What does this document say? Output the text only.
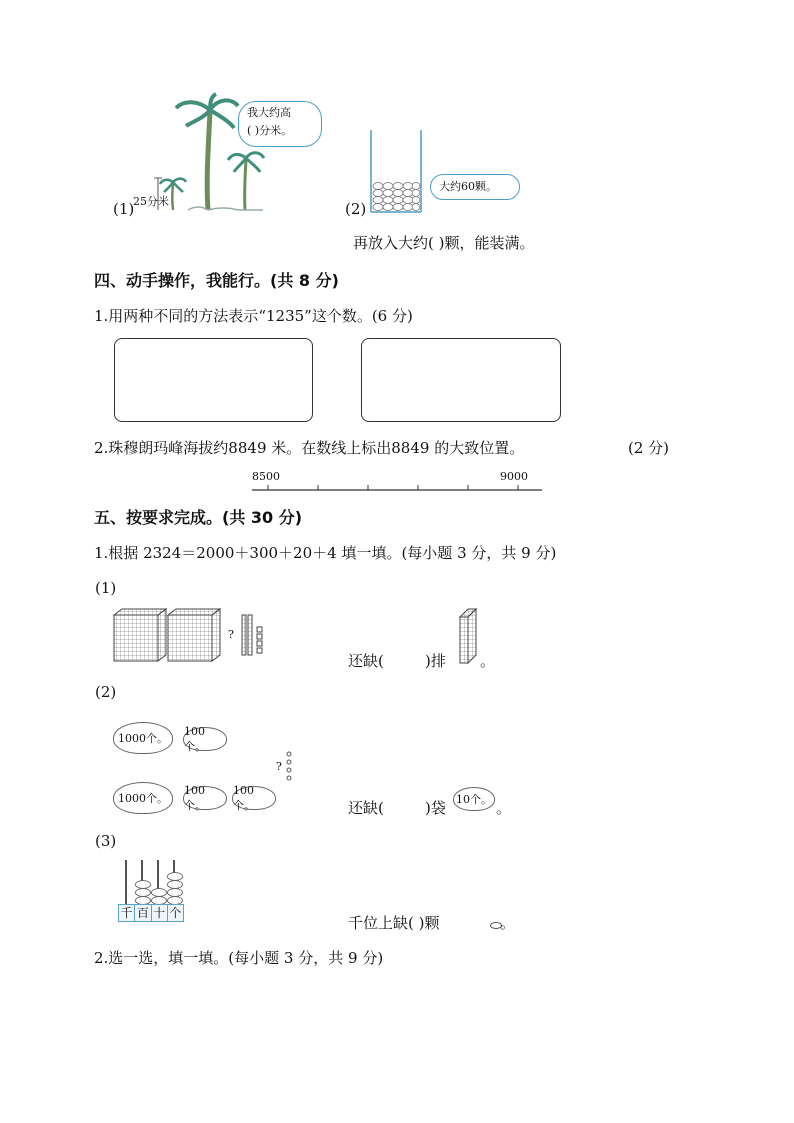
(1)
25分米
我大约高
( )分米。
(2)
大约60颗。
再放入大约( )颗，能装满。
四、动手操作，我能行。(共 8 分)
1.用两种不同的方法表示“1235”这个数。(6 分)
2.珠穆朗玛峰海拔约8849 米。在数线上标出8849 的大致位置。	(2 分)
8500	9000
五、按要求完成。(共 30 分)
1.根据 2324＝2000＋300＋20＋4 填一填。(每小题 3 分，共 9 分)
(1)
?
还缺(	)排 。
(2)
1000个。
100个。
1000个。
100个。
100个。
?
还缺(	)袋 10个。 。
(3)
千 百 十 个
千位上缺( )颗	。
2.选一选，填一填。(每小题 3 分，共 9 分)
